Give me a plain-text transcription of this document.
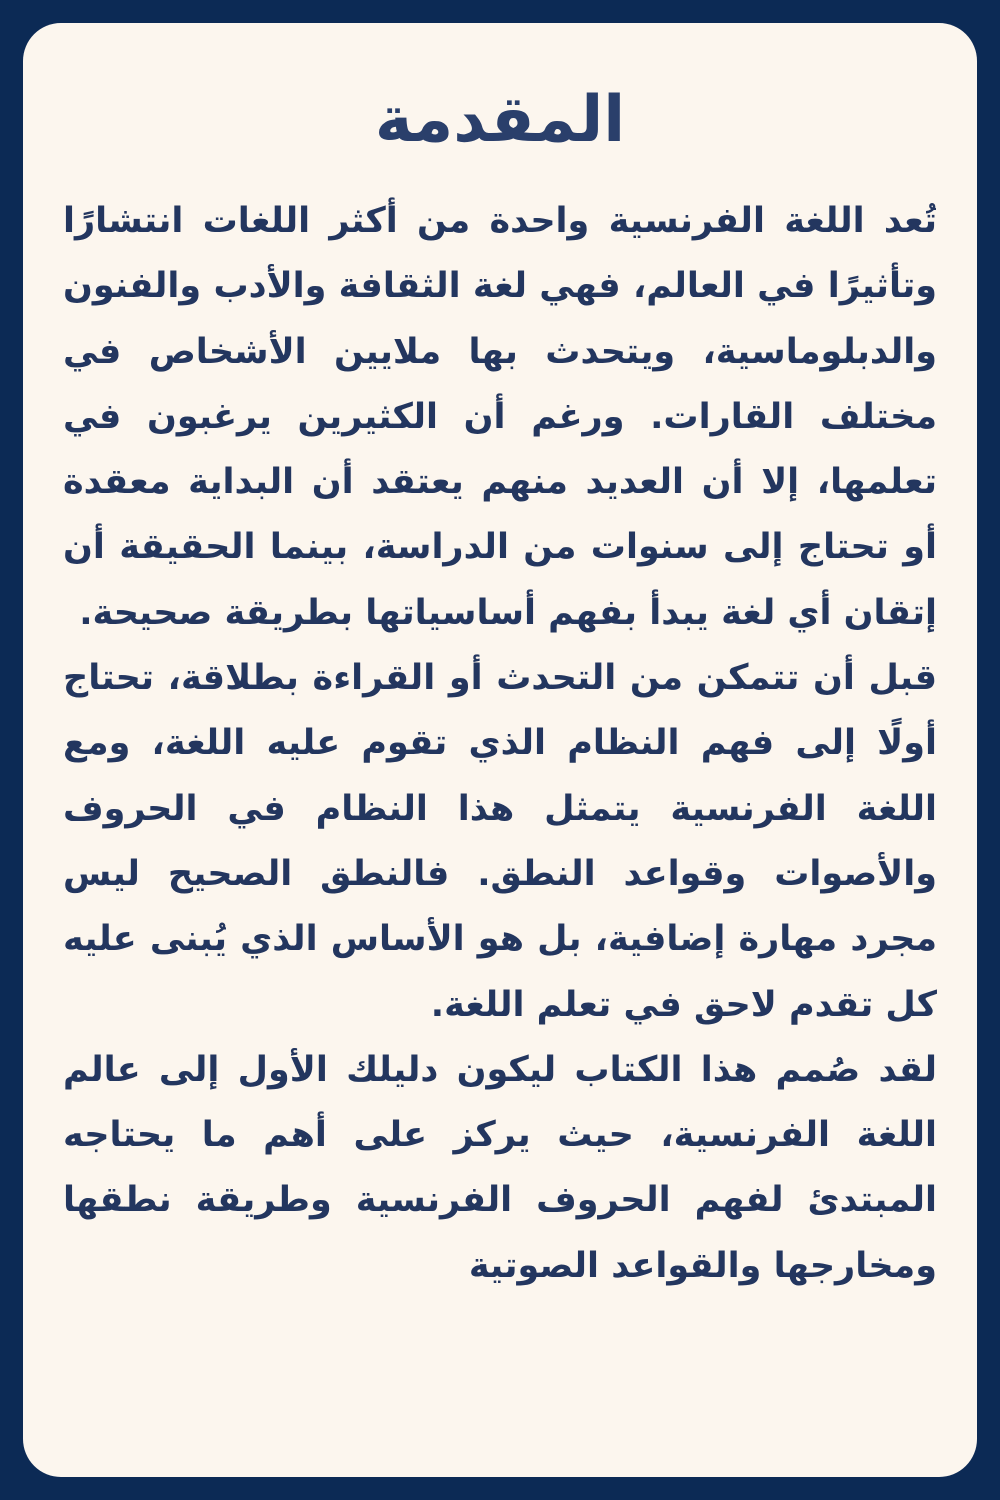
المقدمة

تُعد اللغة الفرنسية واحدة من أكثر اللغات انتشارًا وتأثيرًا في العالم، فهي لغة الثقافة والأدب والفنون والدبلوماسية، ويتحدث بها ملايين الأشخاص في مختلف القارات. ورغم أن الكثيرين يرغبون في تعلمها، إلا أن العديد منهم يعتقد أن البداية معقدة أو تحتاج إلى سنوات من الدراسة، بينما الحقيقة أن إتقان أي لغة يبدأ بفهم أساسياتها بطريقة صحيحة.

قبل أن تتمكن من التحدث أو القراءة بطلاقة، تحتاج أولًا إلى فهم النظام الذي تقوم عليه اللغة، ومع اللغة الفرنسية يتمثل هذا النظام في الحروف والأصوات وقواعد النطق. فالنطق الصحيح ليس مجرد مهارة إضافية، بل هو الأساس الذي يُبنى عليه كل تقدم لاحق في تعلم اللغة.

لقد صُمم هذا الكتاب ليكون دليلك الأول إلى عالم اللغة الفرنسية، حيث يركز على أهم ما يحتاجه المبتدئ لفهم الحروف الفرنسية وطريقة نطقها ومخارجها والقواعد الصوتية
